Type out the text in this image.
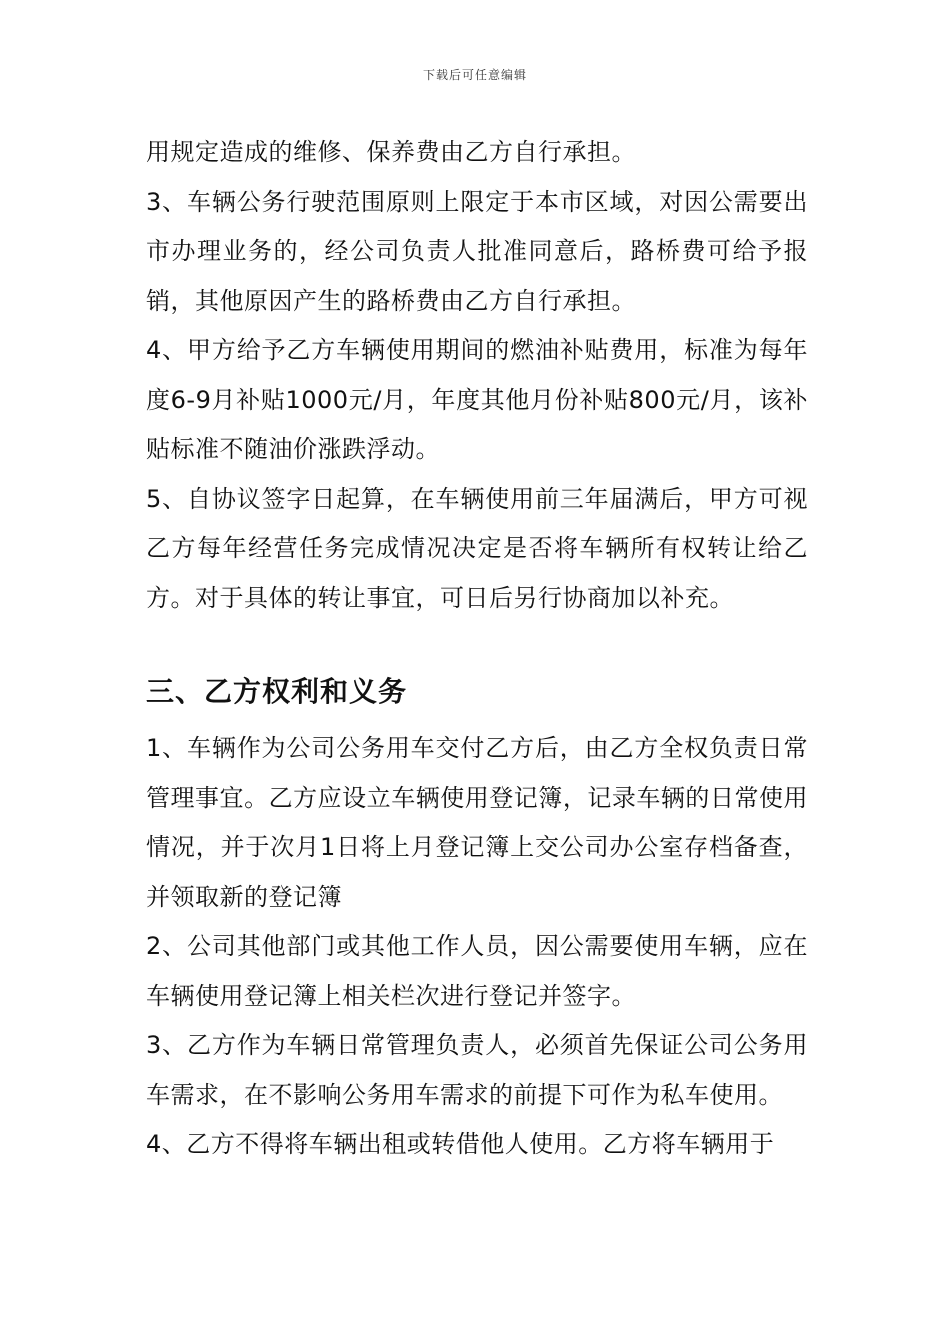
下载后可任意编辑

用规定造成的维修、保养费由乙方自行承担。

3、车辆公务行驶范围原则上限定于本市区域，对因公需要出市办理业务的，经公司负责人批准同意后，路桥费可给予报销，其他原因产生的路桥费由乙方自行承担。

4、甲方给予乙方车辆使用期间的燃油补贴费用，标准为每年度6-9月补贴1000元/月，年度其他月份补贴800元/月，该补贴标准不随油价涨跌浮动。

5、自协议签字日起算，在车辆使用前三年届满后，甲方可视乙方每年经营任务完成情况决定是否将车辆所有权转让给乙方。对于具体的转让事宜，可日后另行协商加以补充。

三、乙方权利和义务

1、车辆作为公司公务用车交付乙方后，由乙方全权负责日常管理事宜。乙方应设立车辆使用登记簿，记录车辆的日常使用情况，并于次月1日将上月登记簿上交公司办公室存档备查，并领取新的登记簿

2、公司其他部门或其他工作人员，因公需要使用车辆，应在车辆使用登记簿上相关栏次进行登记并签字。

3、乙方作为车辆日常管理负责人，必须首先保证公司公务用车需求，在不影响公务用车需求的前提下可作为私车使用。

4、乙方不得将车辆出租或转借他人使用。乙方将车辆用于
